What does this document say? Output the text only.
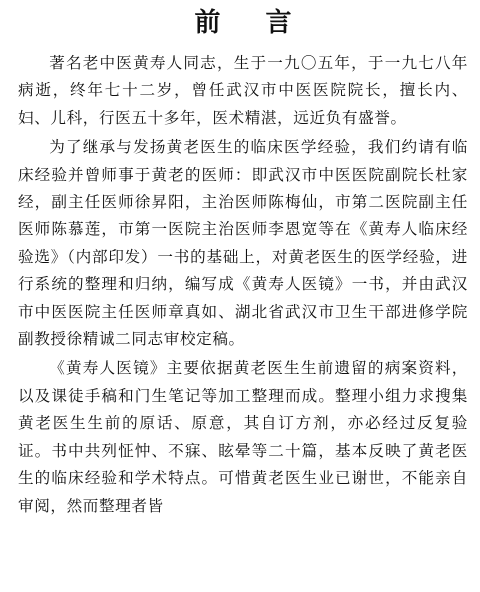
前 言

著名老中医黄寿人同志，生于一九〇五年，于一九七八年病逝，终年七十二岁，曾任武汉市中医医院院长，擅长内、妇、儿科，行医五十多年，医术精湛，远近负有盛誉。

为了继承与发扬黄老医生的临床医学经验，我们约请有临床经验并曾师事于黄老的医师：即武汉市中医医院副院长杜家经，副主任医师徐昇阳，主治医师陈梅仙，市第二医院副主任医师陈慕莲，市第一医院主治医师李恩宽等在《黄寿人临床经验选》（内部印发）一书的基础上，对黄老医生的医学经验，进行系统的整理和归纳，编写成《黄寿人医镜》一书，并由武汉市中医医院主任医师章真如、湖北省武汉市卫生干部进修学院副教授徐精诚二同志审校定稿。

《黄寿人医镜》主要依据黄老医生生前遗留的病案资料，以及课徒手稿和门生笔记等加工整理而成。整理小组力求搜集黄老医生生前的原话、原意，其自订方剂，亦必经过反复验证。书中共列怔忡、不寐、眩晕等二十篇，基本反映了黄老医生的临床经验和学术特点。可惜黄老医生业已谢世，不能亲自审阅，然而整理者皆
